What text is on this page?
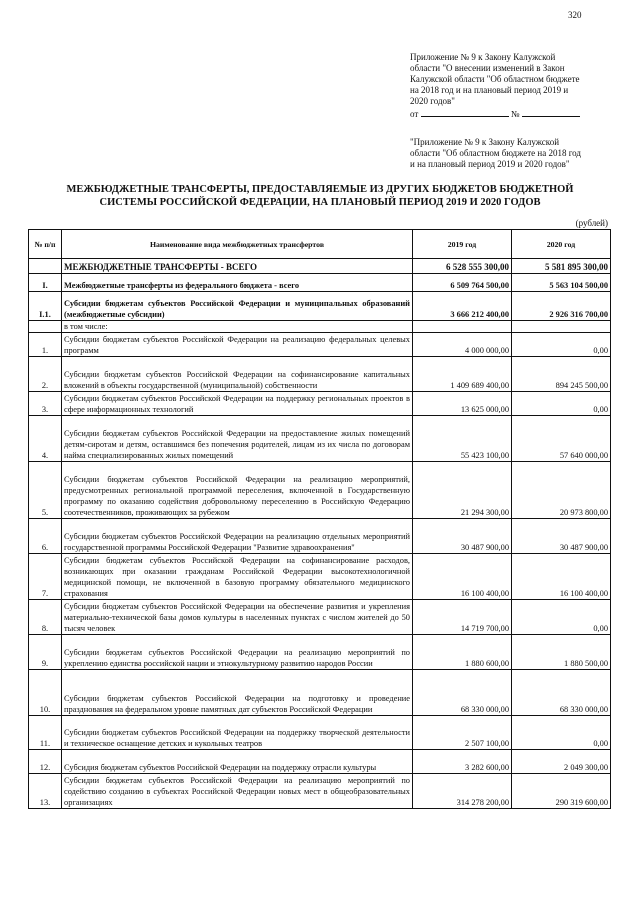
320
Приложение № 9 к Закону Калужской
области "О внесении изменений в Закон
Калужской области "Об областном бюджете
на 2018 год и на плановый период 2019 и
2020 годов"
от	№
"Приложение № 9 к Закону Калужской
области "Об областном бюджете на 2018 год
и на плановый период 2019 и 2020 годов"
МЕЖБЮДЖЕТНЫЕ ТРАНСФЕРТЫ, ПРЕДОСТАВЛЯЕМЫЕ ИЗ ДРУГИХ БЮДЖЕТОВ БЮДЖЕТНОЙ
СИСТЕМЫ РОССИЙСКОЙ ФЕДЕРАЦИИ, НА ПЛАНОВЫЙ ПЕРИОД 2019 И 2020 ГОДОВ
(рублей)
№ п/п	Наименование вида межбюджетных трансфертов	2019 год	2020 год
	МЕЖБЮДЖЕТНЫЕ ТРАНСФЕРТЫ - ВСЕГО	6 528 555 300,00	5 581 895 300,00
I.	Межбюджетные трансферты из федерального бюджета - всего	6 509 764 500,00	5 563 104 500,00
I.1.	Субсидии бюджетам субъектов Российской Федерации и муниципальных образований (межбюджетные субсидии)	3 666 212 400,00	2 926 316 700,00
	в том числе:		
1.	Субсидии бюджетам субъектов Российской Федерации на реализацию федеральных целевых программ	4 000 000,00	0,00
2.	Субсидии бюджетам субъектов Российской Федерации на софинансирование капитальных вложений в объекты государственной (муниципальной) собственности	1 409 689 400,00	894 245 500,00
3.	Субсидии бюджетам субъектов Российской Федерации на поддержку региональных проектов в сфере информационных технологий	13 625 000,00	0,00
4.	Субсидии бюджетам субъектов Российской Федерации на предоставление жилых помещений детям-сиротам и детям, оставшимся без попечения родителей, лицам из их числа по договорам найма специализированных жилых помещений	55 423 100,00	57 640 000,00
5.	Субсидии бюджетам субъектов Российской Федерации на реализацию мероприятий, предусмотренных региональной программой переселения, включенной в Государственную программу по оказанию содействия добровольному переселению в Российскую Федерацию соотечественников, проживающих за рубежом	21 294 300,00	20 973 800,00
6.	Субсидии бюджетам субъектов Российской Федерации на реализацию отдельных мероприятий государственной программы Российской Федерации "Развитие здравоохранения"	30 487 900,00	30 487 900,00
7.	Субсидии бюджетам субъектов Российской Федерации на софинансирование расходов, возникающих при оказании гражданам Российской Федерации высокотехнологичной медицинской помощи, не включенной в базовую программу обязательного медицинского страхования	16 100 400,00	16 100 400,00
8.	Субсидии бюджетам субъектов Российской Федерации на обеспечение развития и укрепления материально-технической базы домов культуры в населенных пунктах с числом жителей до 50 тысяч человек	14 719 700,00	0,00
9.	Субсидии бюджетам субъектов Российской Федерации на реализацию мероприятий по укреплению единства российской нации и этнокультурному развитию народов России	1 880 600,00	1 880 500,00
10.	Субсидии бюджетам субъектов Российской Федерации на подготовку и проведение празднования на федеральном уровне памятных дат субъектов Российской Федерации	68 330 000,00	68 330 000,00
11.	Субсидии бюджетам субъектов Российской Федерации на поддержку творческой деятельности и техническое оснащение детских и кукольных театров	2 507 100,00	0,00
12.	Субсидия бюджетам субъектов Российской Федерации на поддержку отрасли культуры	3 282 600,00	2 049 300,00
13.	Субсидии бюджетам субъектов Российской Федерации на реализацию мероприятий по содействию созданию в субъектах Российской Федерации новых мест в общеобразовательных организациях	314 278 200,00	290 319 600,00
